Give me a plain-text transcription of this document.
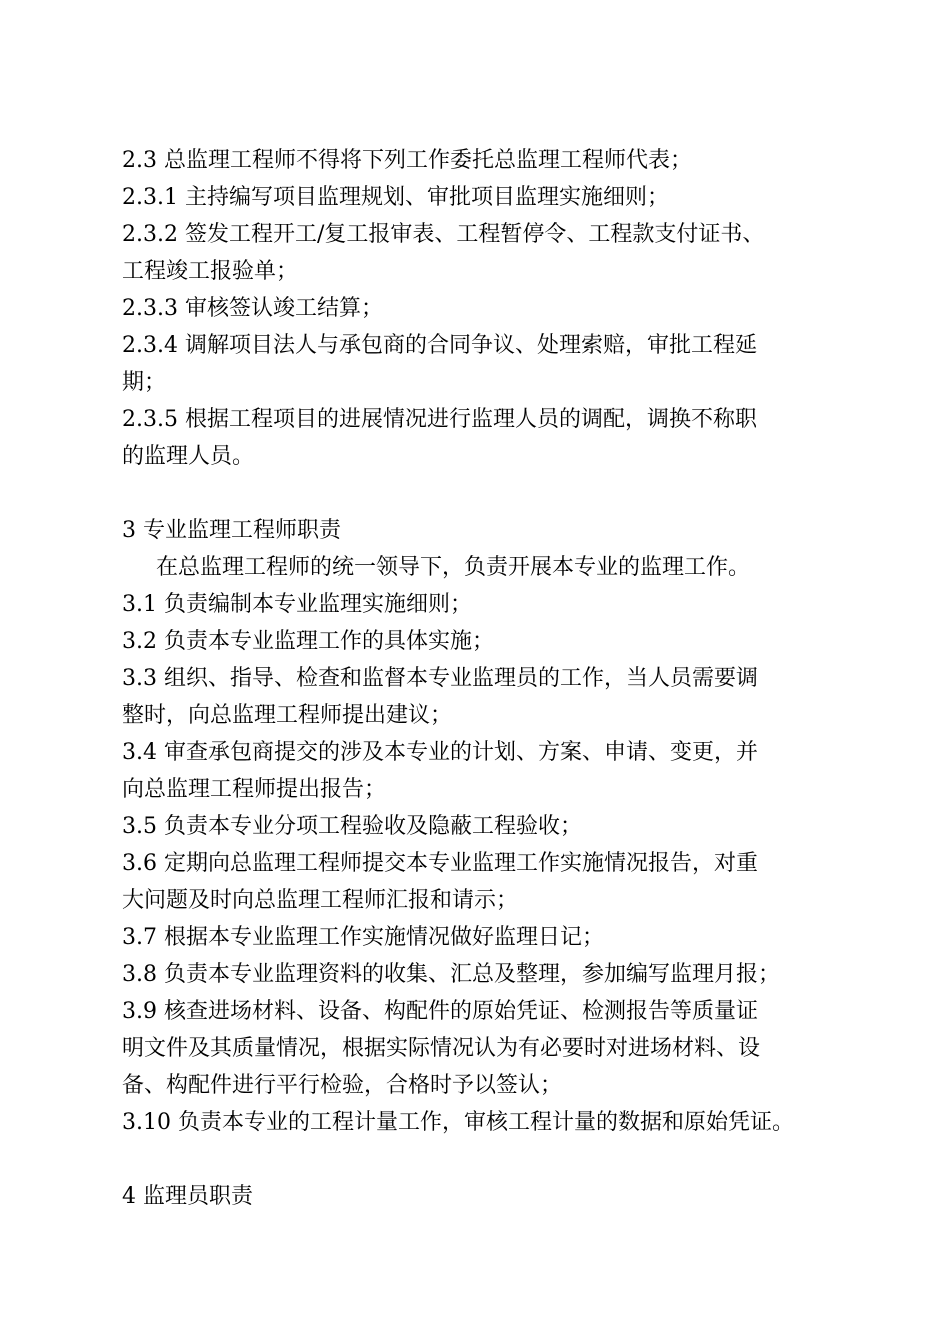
2.3 总监理工程师不得将下列工作委托总监理工程师代表；
2.3.1 主持编写项目监理规划、审批项目监理实施细则；
2.3.2 签发工程开工/复工报审表、工程暂停令、工程款支付证书、
工程竣工报验单；
2.3.3 审核签认竣工结算；
2.3.4 调解项目法人与承包商的合同争议、处理索赔，审批工程延
期；
2.3.5 根据工程项目的进展情况进行监理人员的调配，调换不称职
的监理人员。
3 专业监理工程师职责
在总监理工程师的统一领导下，负责开展本专业的监理工作。
3.1 负责编制本专业监理实施细则；
3.2 负责本专业监理工作的具体实施；
3.3 组织、指导、检查和监督本专业监理员的工作，当人员需要调
整时，向总监理工程师提出建议；
3.4 审查承包商提交的涉及本专业的计划、方案、申请、变更，并
向总监理工程师提出报告；
3.5 负责本专业分项工程验收及隐蔽工程验收；
3.6 定期向总监理工程师提交本专业监理工作实施情况报告，对重
大问题及时向总监理工程师汇报和请示；
3.7 根据本专业监理工作实施情况做好监理日记；
3.8 负责本专业监理资料的收集、汇总及整理，参加编写监理月报；
3.9 核查进场材料、设备、构配件的原始凭证、检测报告等质量证
明文件及其质量情况，根据实际情况认为有必要时对进场材料、设
备、构配件进行平行检验，合格时予以签认；
3.10 负责本专业的工程计量工作，审核工程计量的数据和原始凭证。
4 监理员职责
